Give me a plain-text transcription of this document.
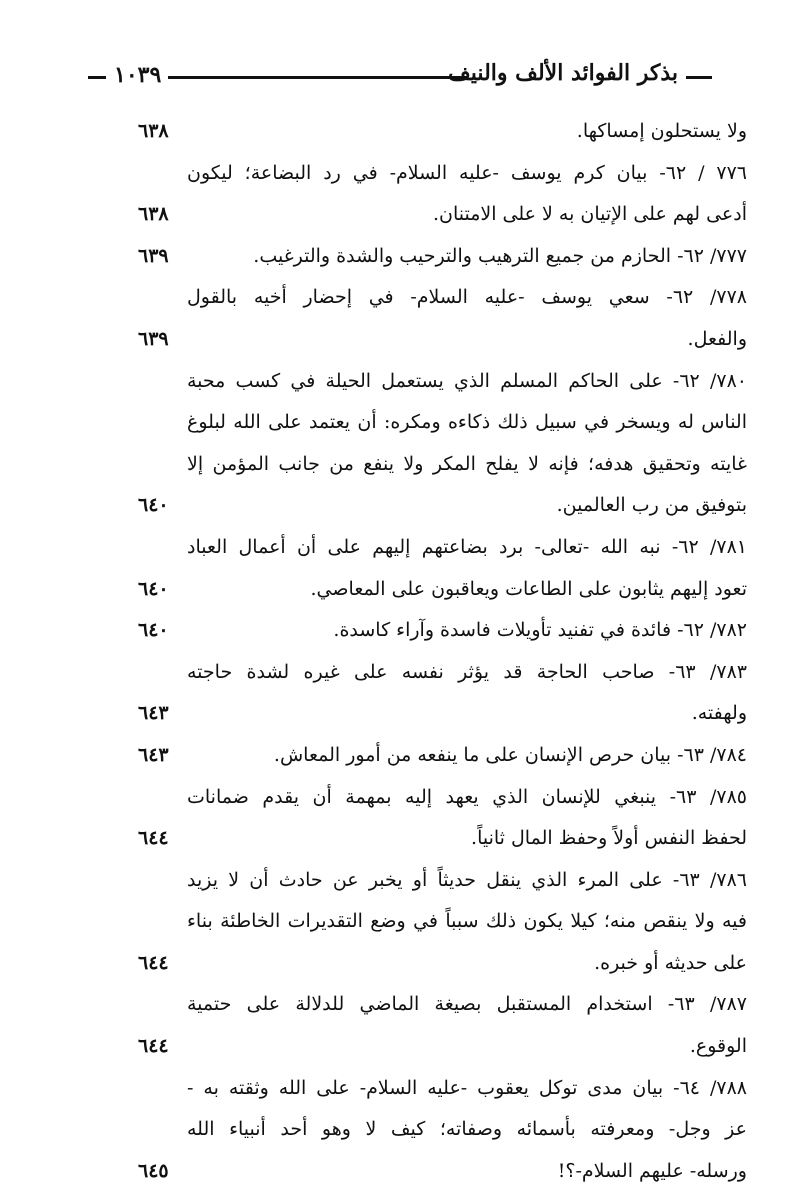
١٠٣٩	بذكر الفوائد الألف والنيف
ولا يستحلون إمساكها.
٦٣٨
٧٧٦ / ٦٢- بيان كرم يوسف -عليه السلام- في رد البضاعة؛ ليكون
أدعى لهم على الإتيان به لا على الامتنان.
٦٣٨
٧٧٧/ ٦٢- الحازم من جميع الترهيب والترحيب والشدة والترغيب.
٦٣٩
٧٧٨/ ٦٢- سعي يوسف -عليه السلام- في إحضار أخيه بالقول
والفعل.
٦٣٩
٧٨٠/ ٦٢- على الحاكم المسلم الذي يستعمل الحيلة في كسب محبة
الناس له ويسخر في سبيل ذلك ذكاءه ومكره: أن يعتمد على الله لبلوغ
غايته وتحقيق هدفه؛ فإنه لا يفلح المكر ولا ينفع من جانب المؤمن إلا
بتوفيق من رب العالمين.
٦٤٠
٧٨١/ ٦٢- نبه الله -تعالى- برد بضاعتهم إليهم على أن أعمال العباد
تعود إليهم يثابون على الطاعات ويعاقبون على المعاصي.
٦٤٠
٧٨٢/ ٦٢- فائدة في تفنيد تأويلات فاسدة وآراء كاسدة.
٦٤٠
٧٨٣/ ٦٣- صاحب الحاجة قد يؤثر نفسه على غيره لشدة حاجته
ولهفته.
٦٤٣
٧٨٤/ ٦٣- بيان حرص الإنسان على ما ينفعه من أمور المعاش.
٦٤٣
٧٨٥/ ٦٣- ينبغي للإنسان الذي يعهد إليه بمهمة أن يقدم ضمانات
لحفظ النفس أولاً وحفظ المال ثانياً.
٦٤٤
٧٨٦/ ٦٣- على المرء الذي ينقل حديثاً أو يخبر عن حادث أن لا يزيد
فيه ولا ينقص منه؛ كيلا يكون ذلك سبباً في وضع التقديرات الخاطئة بناء
على حديثه أو خبره.
٦٤٤
٧٨٧/ ٦٣- استخدام المستقبل بصيغة الماضي للدلالة على حتمية
الوقوع.
٦٤٤
٧٨٨/ ٦٤- بيان مدى توكل يعقوب -عليه السلام- على الله وثقته به -
عز وجل- ومعرفته بأسمائه وصفاته؛ كيف لا وهو أحد أنبياء الله
ورسله- عليهم السلام-؟!
٦٤٥
